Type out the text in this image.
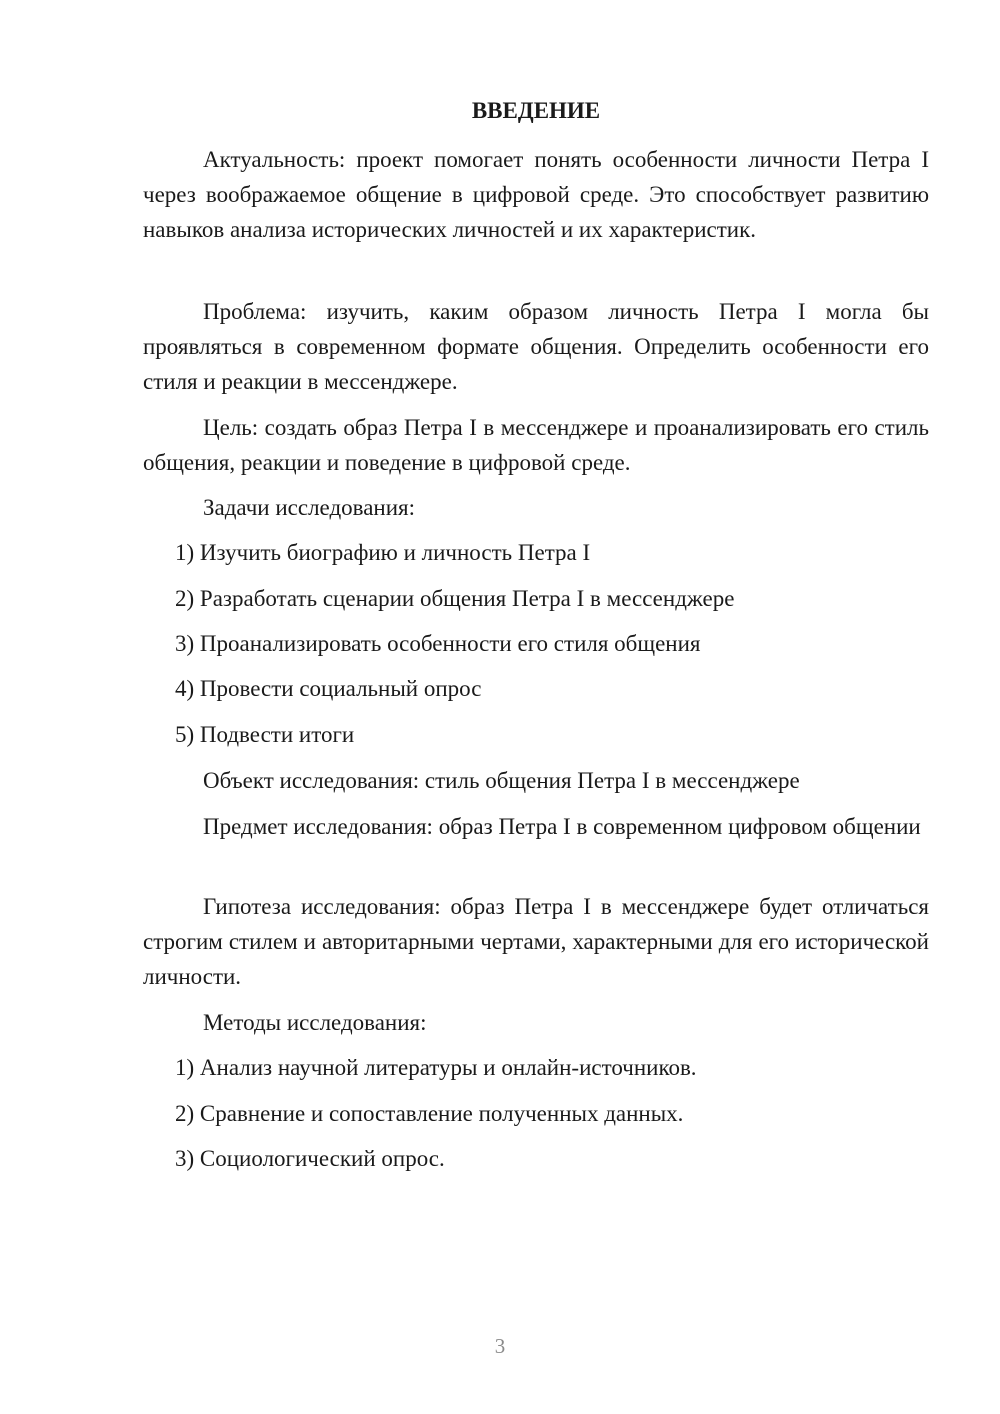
ВВЕДЕНИЕ

Актуальность: проект помогает понять особенности личности Петра I через воображаемое общение в цифровой среде. Это способствует развитию навыков анализа исторических личностей и их характеристик.

Проблема: изучить, каким образом личность Петра I могла бы проявляться в современном формате общения. Определить особенности его стиля и реакции в мессенджере.

Цель: создать образ Петра I в мессенджере и проанализировать его стиль общения, реакции и поведение в цифровой среде.

Задачи исследования:

1) Изучить биографию и личность Петра I

2) Разработать сценарии общения Петра I в мессенджере

3) Проанализировать особенности его стиля общения

4) Провести социальный опрос

5) Подвести итоги

Объект исследования: стиль общения Петра I в мессенджере

Предмет исследования: образ Петра I в современном цифровом общении

Гипотеза исследования: образ Петра I в мессенджере будет отличаться строгим стилем и авторитарными чертами, характерными для его исторической личности.

Методы исследования:

1) Анализ научной литературы и онлайн-источников.

2) Сравнение и сопоставление полученных данных.

3) Социологический опрос.

3
